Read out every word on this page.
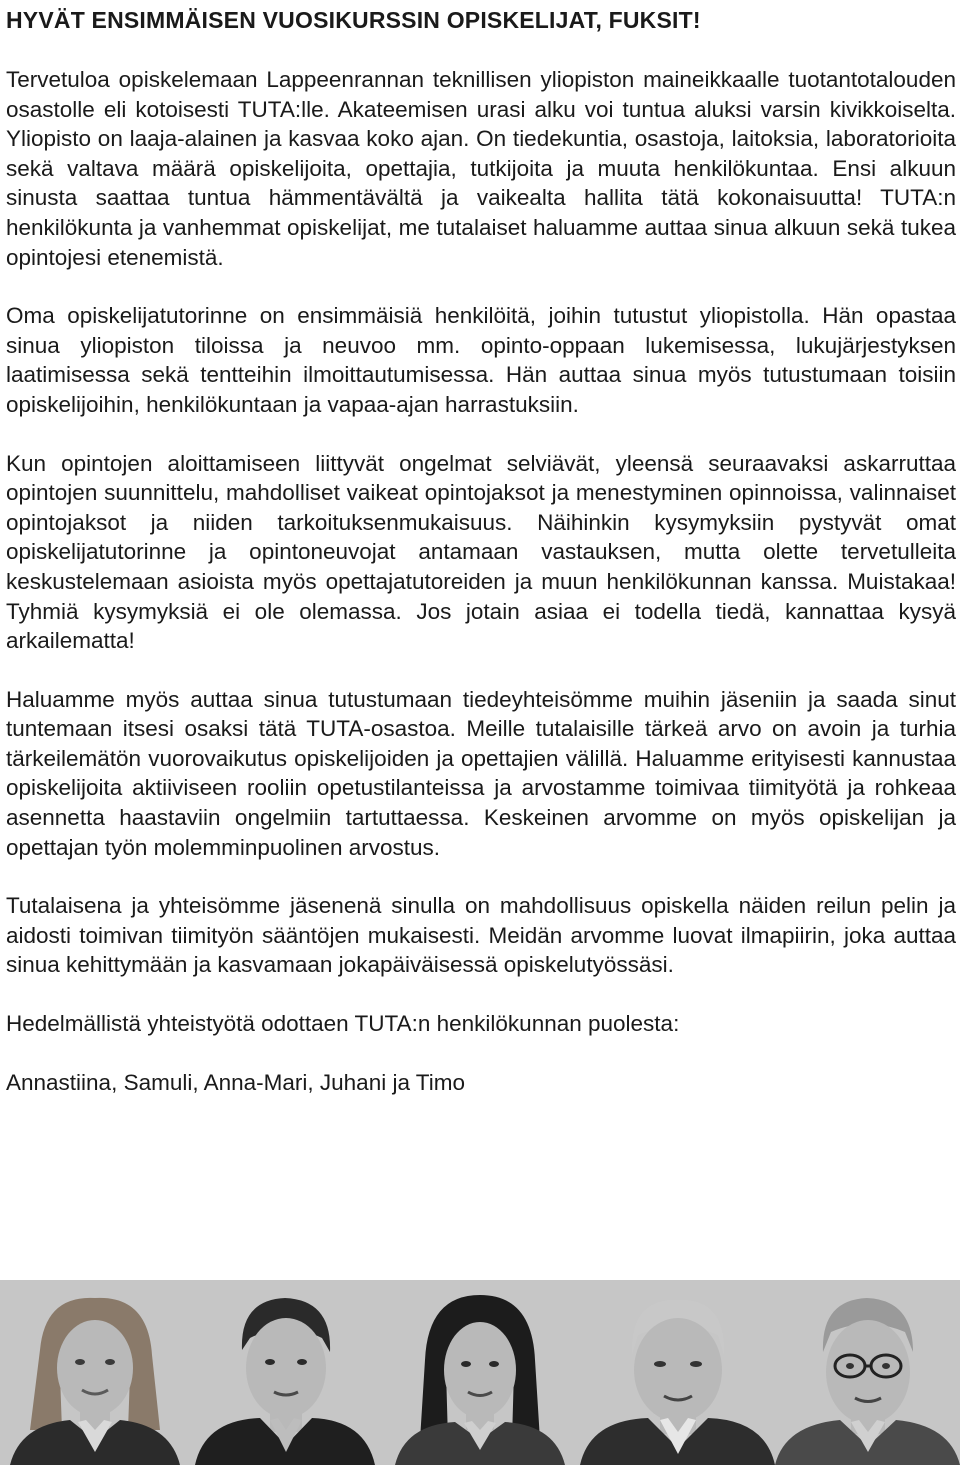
HYVÄT ENSIMMÄISEN VUOSIKURSSIN OPISKELIJAT, FUKSIT!

Tervetuloa opiskelemaan Lappeenrannan teknillisen yliopiston maineikkaalle tuotantotalouden osastolle eli kotoisesti TUTA:lle. Akateemisen urasi alku voi tuntua aluksi varsin kivikkoiselta. Yliopisto on laaja-alainen ja kasvaa koko ajan. On tiedekuntia, osastoja, laitoksia, laboratorioita sekä valtava määrä opiskelijoita, opettajia, tutkijoita ja muuta henkilökuntaa. Ensi alkuun sinusta saattaa tuntua hämmentävältä ja vaikealta hallita tätä kokonaisuutta! TUTA:n henkilökunta ja vanhemmat opiskelijat, me tutalaiset haluamme auttaa sinua alkuun sekä tukea opintojesi etenemistä.

Oma opiskelijatutorinne on ensimmäisiä henkilöitä, joihin tutustut yliopistolla. Hän opastaa sinua yliopiston tiloissa ja neuvoo mm. opinto-oppaan lukemisessa, lukujärjestyksen laatimisessa sekä tentteihin ilmoittautumisessa. Hän auttaa sinua myös tutustumaan toisiin opiskelijoihin, henkilökuntaan ja vapaa-ajan harrastuksiin.

Kun opintojen aloittamiseen liittyvät ongelmat selviävät, yleensä seuraavaksi askarruttaa opintojen suunnittelu, mahdolliset vaikeat opintojaksot ja menestyminen opinnoissa, valinnaiset opintojaksot ja niiden tarkoituksenmukaisuus. Näihinkin kysymyksiin pystyvät omat opiskelijatutorinne ja opintoneuvojat antamaan vastauksen, mutta olette tervetulleita keskustelemaan asioista myös opettajatutoreiden ja muun henkilökunnan kanssa. Muistakaa! Tyhmiä kysymyksiä ei ole olemassa. Jos jotain asiaa ei todella tiedä, kannattaa kysyä arkailematta!

Haluamme myös auttaa sinua tutustumaan tiedeyhteisömme muihin jäseniin ja saada sinut tuntemaan itsesi osaksi tätä TUTA-osastoa. Meille tutalaisille tärkeä arvo on avoin ja turhia tärkeilemätön vuorovaikutus opiskelijoiden ja opettajien välillä. Haluamme erityisesti kannustaa opiskelijoita aktiiviseen rooliin opetustilanteissa ja arvostamme toimivaa tiimityötä ja rohkeaa asennetta haastaviin ongelmiin tartuttaessa. Keskeinen arvomme on myös opiskelijan ja opettajan työn molemminpuolinen arvostus.

Tutalaisena ja yhteisömme jäsenenä sinulla on mahdollisuus opiskella näiden reilun pelin ja aidosti toimivan tiimityön sääntöjen mukaisesti. Meidän arvomme luovat ilmapiirin, joka auttaa sinua kehittymään ja kasvamaan jokapäiväisessä opiskelutyössäsi.

Hedelmällistä yhteistyötä odottaen TUTA:n henkilökunnan puolesta:

Annastiina, Samuli, Anna-Mari, Juhani ja Timo
